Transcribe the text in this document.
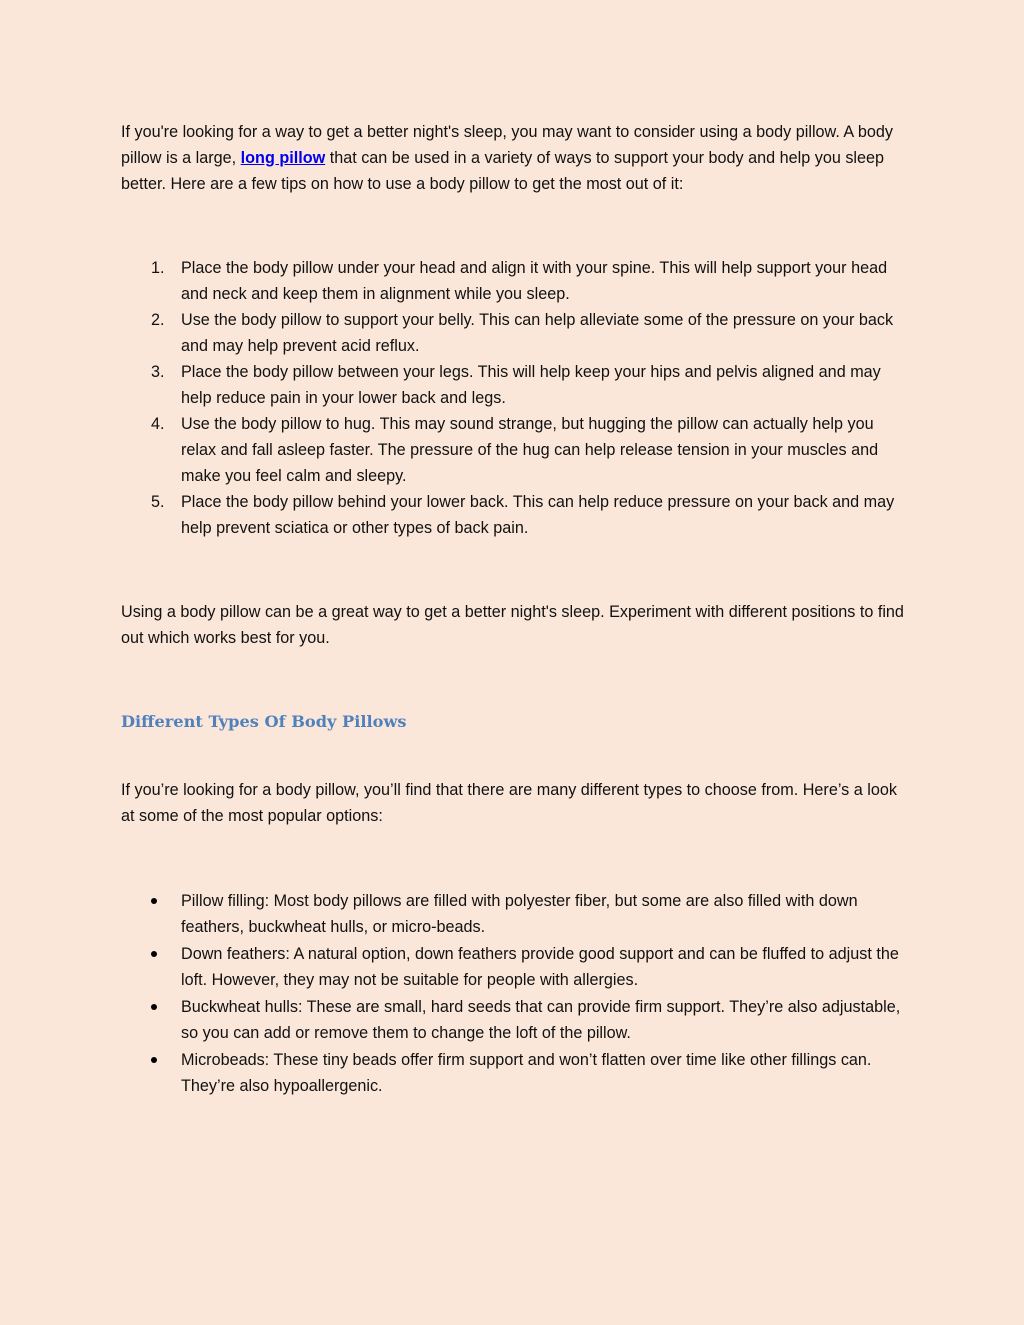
If you're looking for a way to get a better night's sleep, you may want to consider using a body pillow. A body pillow is a large, long pillow that can be used in a variety of ways to support your body and help you sleep better. Here are a few tips on how to use a body pillow to get the most out of it:

1.	Place the body pillow under your head and align it with your spine. This will help support your head and neck and keep them in alignment while you sleep.
2.	Use the body pillow to support your belly. This can help alleviate some of the pressure on your back and may help prevent acid reflux.
3.	Place the body pillow between your legs. This will help keep your hips and pelvis aligned and may help reduce pain in your lower back and legs.
4.	Use the body pillow to hug. This may sound strange, but hugging the pillow can actually help you relax and fall asleep faster. The pressure of the hug can help release tension in your muscles and make you feel calm and sleepy.
5.	Place the body pillow behind your lower back. This can help reduce pressure on your back and may help prevent sciatica or other types of back pain.

Using a body pillow can be a great way to get a better night's sleep. Experiment with different positions to find out which works best for you.

Different Types Of Body Pillows

If you’re looking for a body pillow, you’ll find that there are many different types to choose from. Here’s a look at some of the most popular options:

Pillow filling: Most body pillows are filled with polyester fiber, but some are also filled with down feathers, buckwheat hulls, or micro-beads.
Down feathers: A natural option, down feathers provide good support and can be fluffed to adjust the loft. However, they may not be suitable for people with allergies.
Buckwheat hulls: These are small, hard seeds that can provide firm support. They’re also adjustable, so you can add or remove them to change the loft of the pillow.
Microbeads: These tiny beads offer firm support and won’t flatten over time like other fillings can. They’re also hypoallergenic.
